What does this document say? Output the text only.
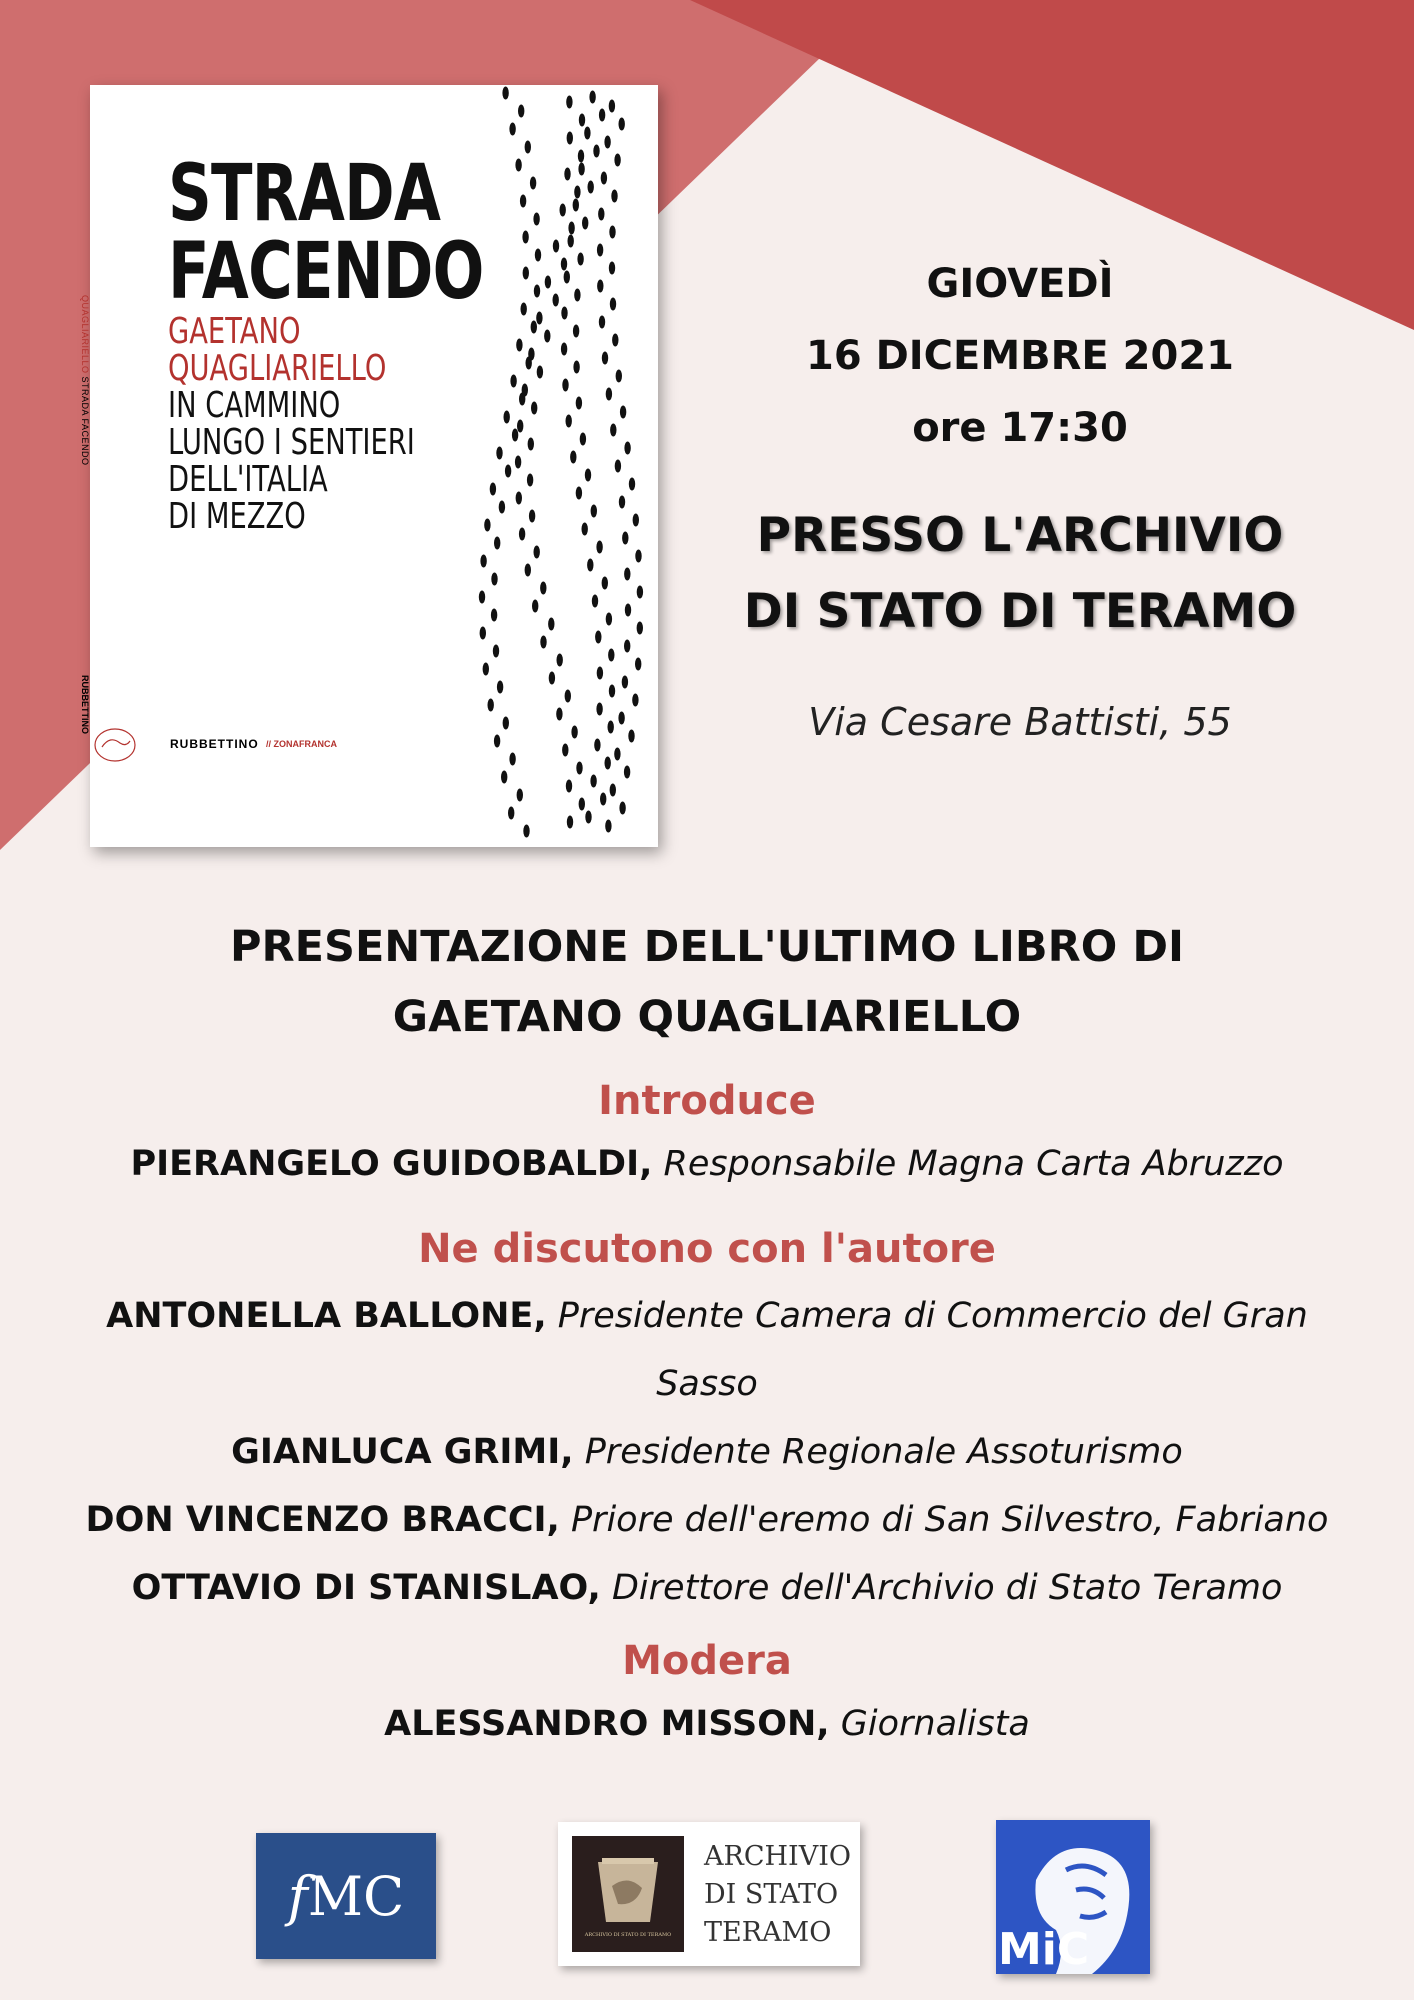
QUAGLIARIELLO STRADA FACENDO
RUBBETTINO
STRADA
FACENDO
GAETANO
QUAGLIARIELLO
IN CAMMINO
LUNGO I SENTIERI
DELL'ITALIA
DI MEZZO
RUBBETTINO // ZONAFRANCA
GIOVEDÌ
16 DICEMBRE 2021
ore 17:30
PRESSO L'ARCHIVIO
DI STATO DI TERAMO
Via Cesare Battisti, 55
PRESENTAZIONE DELL'ULTIMO LIBRO DI
GAETANO QUAGLIARIELLO
Introduce
PIERANGELO GUIDOBALDI, Responsabile Magna Carta Abruzzo
Ne discutono con l'autore
ANTONELLA BALLONE, Presidente Camera di Commercio del Gran
Sasso
GIANLUCA GRIMI, Presidente Regionale Assoturismo
DON VINCENZO BRACCI, Priore dell'eremo di San Silvestro, Fabriano
OTTAVIO DI STANISLAO, Direttore dell'Archivio di Stato Teramo
Modera
ALESSANDRO MISSON, Giornalista
f MC
ARCHIVIO DI STATO DI TERAMO
ARCHIVIO
DI STATO
TERAMO	MiC
